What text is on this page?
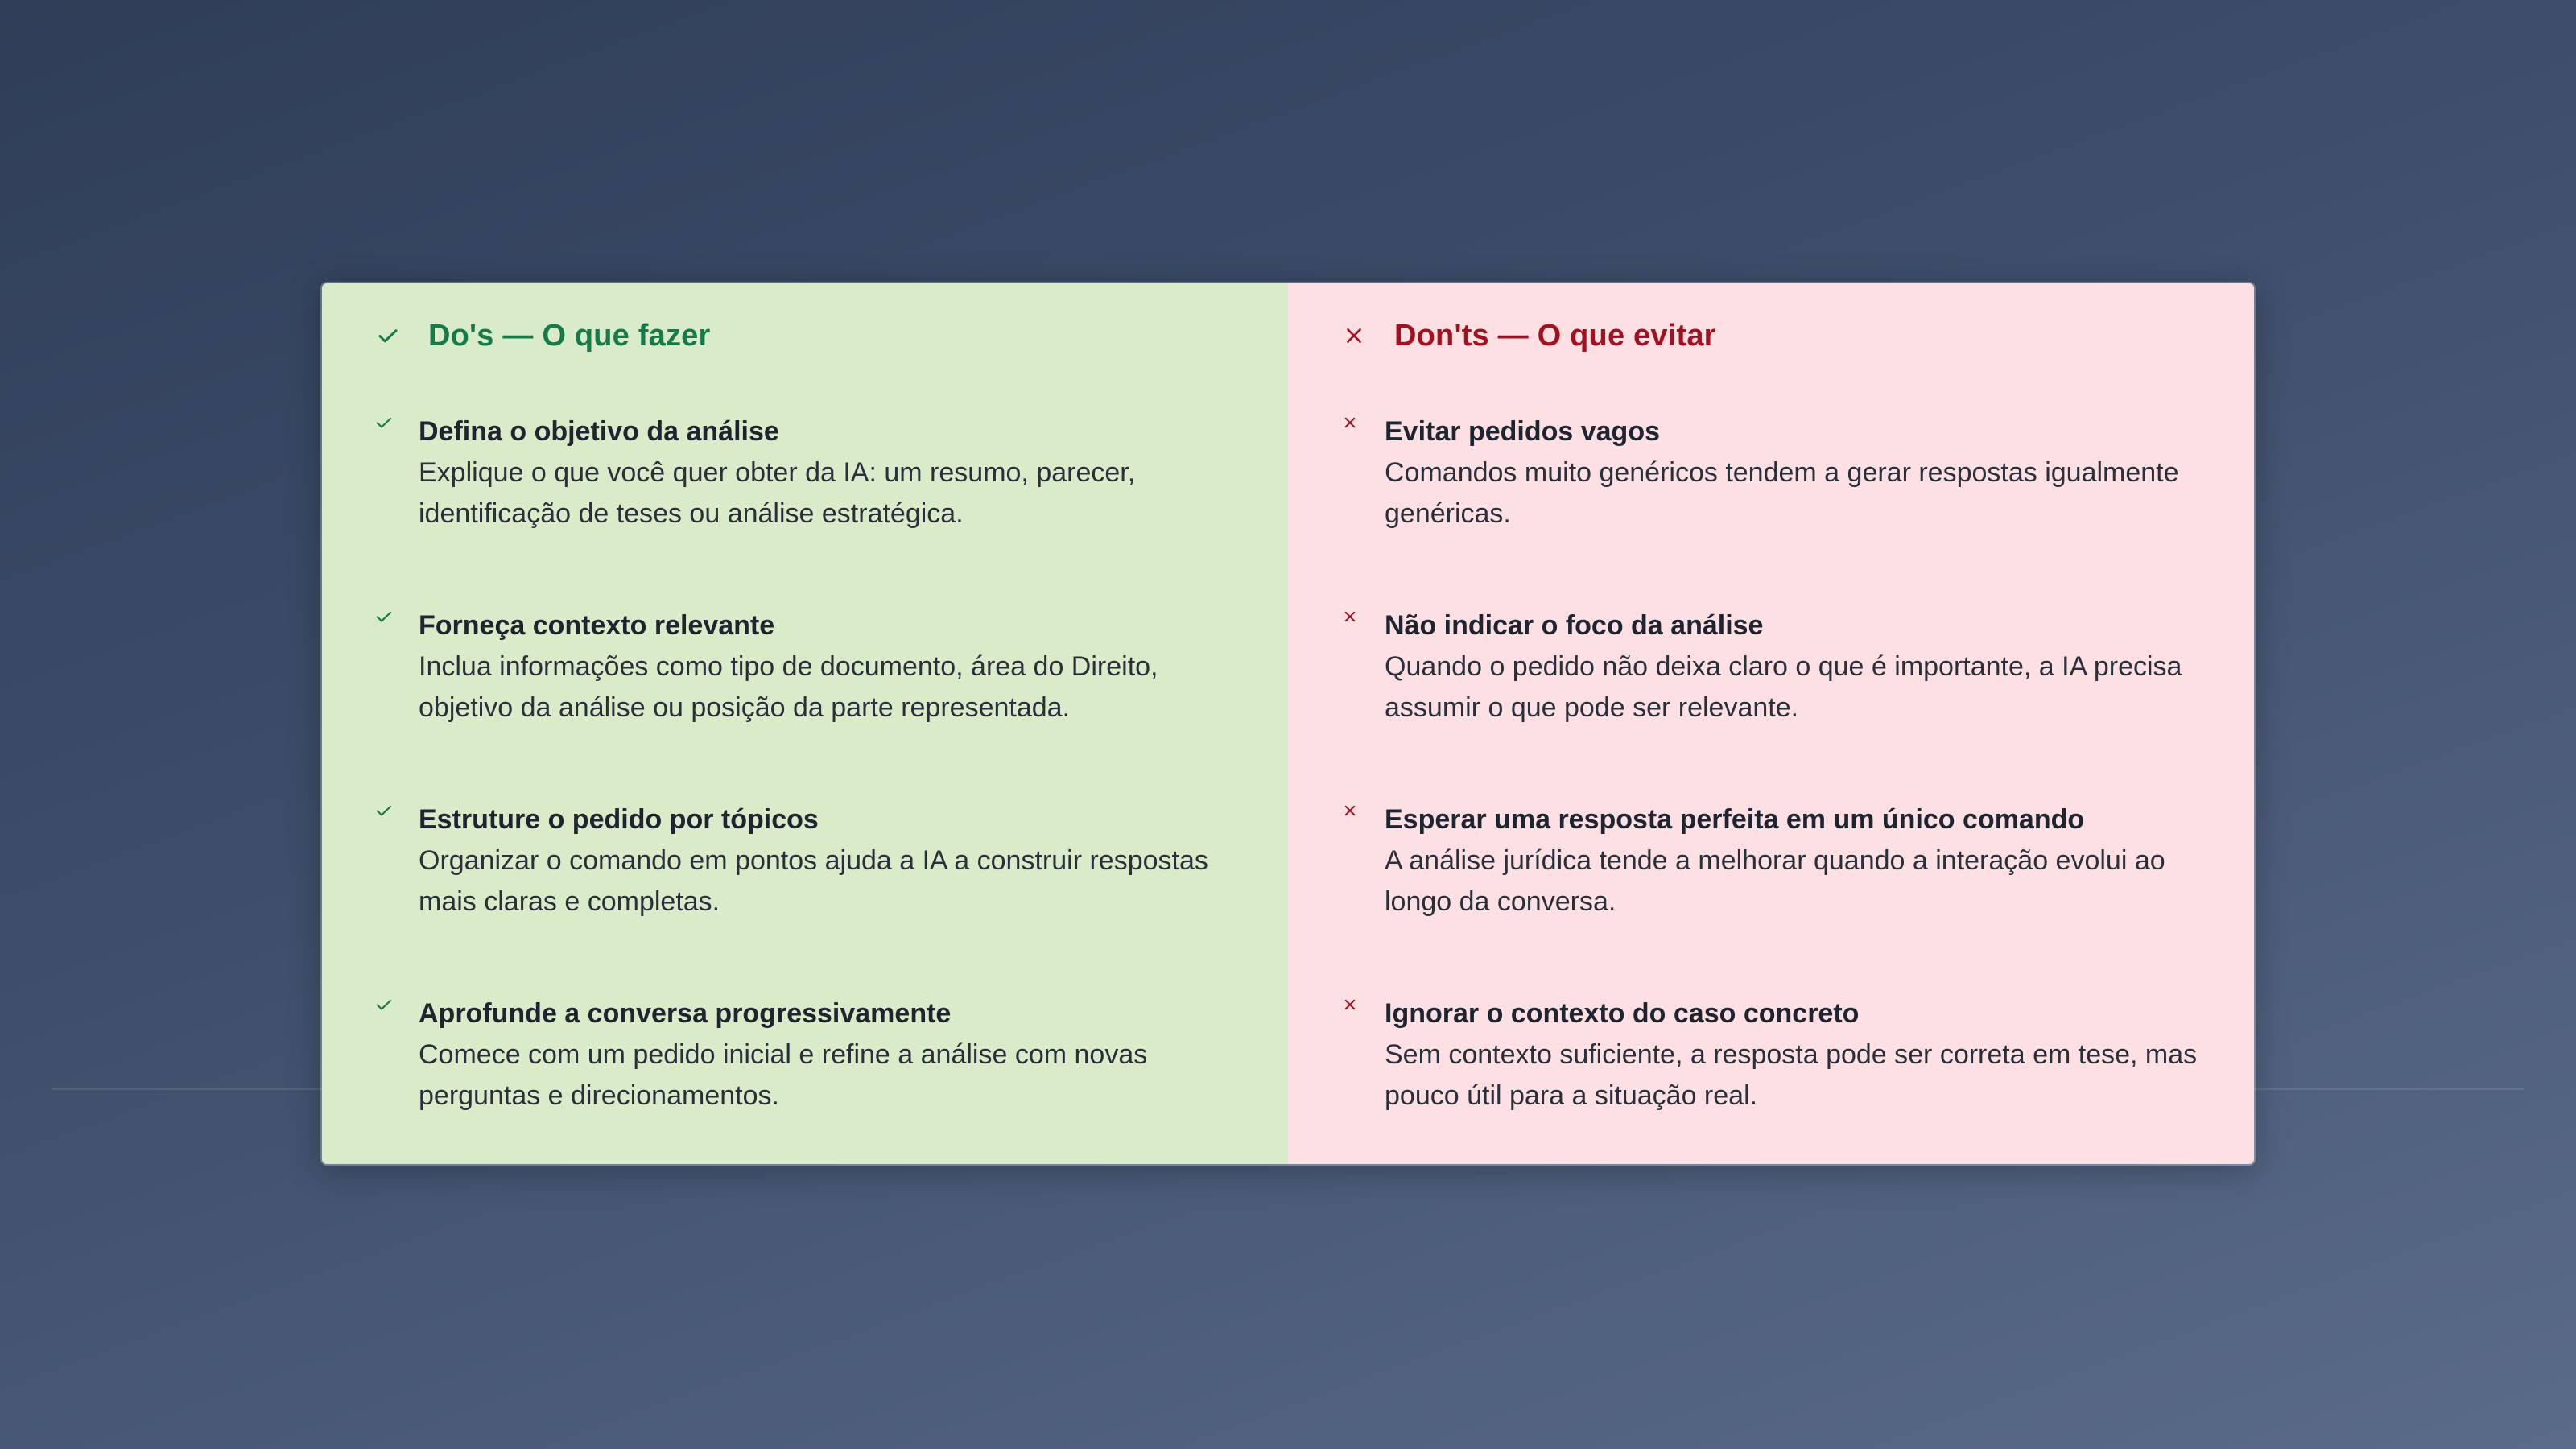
Do's — O que fazer
Defina o objetivo da análise
Explique o que você quer obter da IA: um resumo, parecer, identificação de teses ou análise estratégica.
Forneça contexto relevante
Inclua informações como tipo de documento, área do Direito, objetivo da análise ou posição da parte representada.
Estruture o pedido por tópicos
Organizar o comando em pontos ajuda a IA a construir respostas mais claras e completas.
Aprofunde a conversa progressivamente
Comece com um pedido inicial e refine a análise com novas perguntas e direcionamentos.
Don'ts — O que evitar
Evitar pedidos vagos
Comandos muito genéricos tendem a gerar respostas igualmente genéricas.
Não indicar o foco da análise
Quando o pedido não deixa claro o que é importante, a IA precisa assumir o que pode ser relevante.
Esperar uma resposta perfeita em um único comando
A análise jurídica tende a melhorar quando a interação evolui ao longo da conversa.
Ignorar o contexto do caso concreto
Sem contexto suficiente, a resposta pode ser correta em tese, mas pouco útil para a situação real.
